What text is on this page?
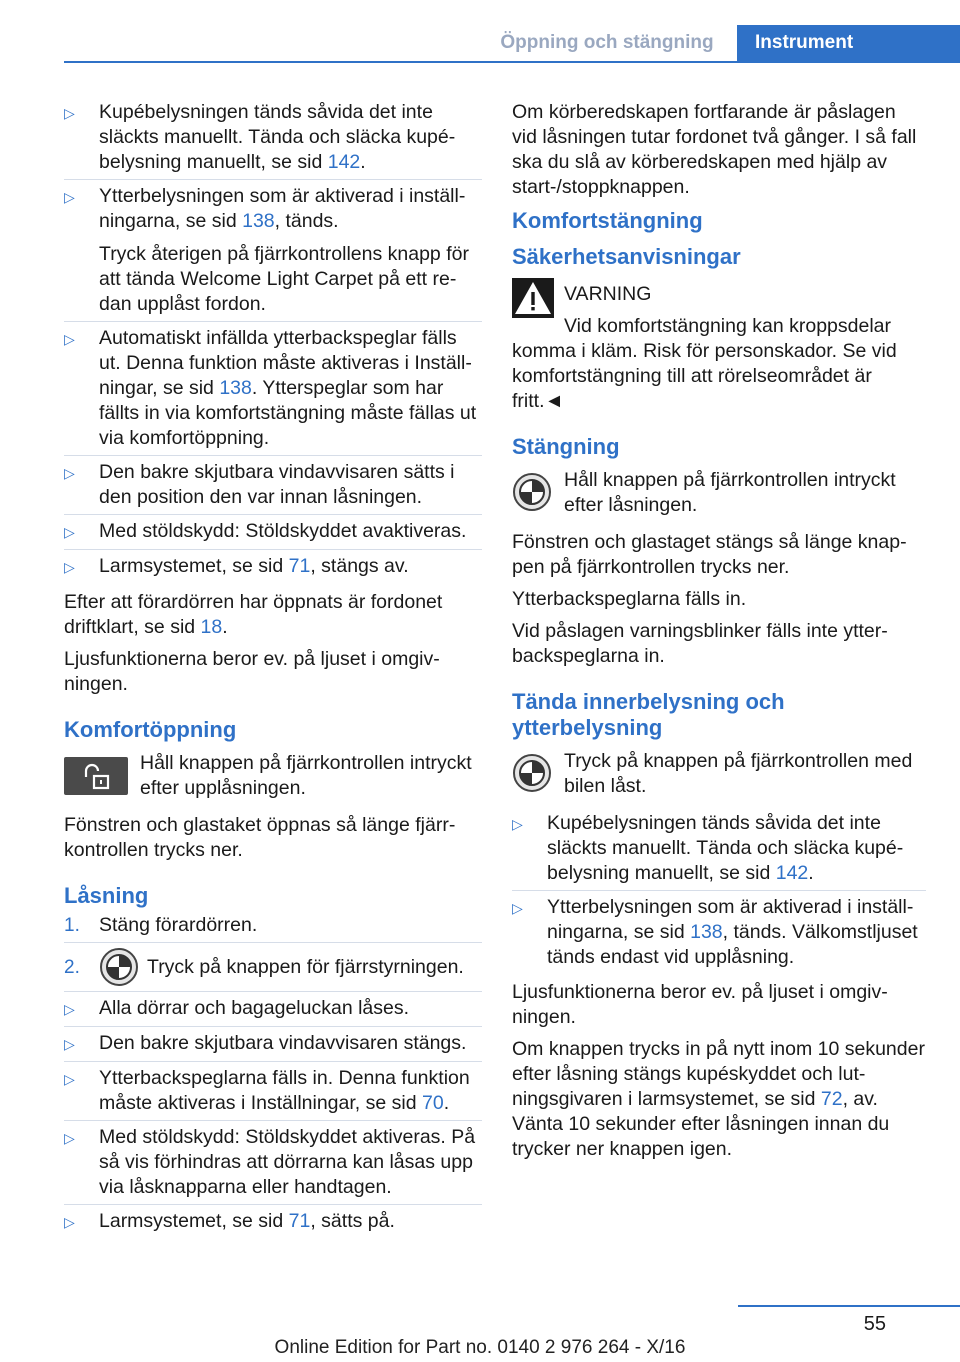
Öppning och stängning	Instrument
▷	Kupébelysningen tänds såvida det inte släckts manuellt. Tända och släcka kupébelysning manuellt, se sid 142.
▷	Ytterbelysningen som är aktiverad i inställningarna, se sid 138, tänds.
Tryck återigen på fjärrkontrollens knapp för att tända Welcome Light Carpet på ett redan upplåst fordon.
▷	Automatiskt infällda ytterbackspeglar fälls ut. Denna funktion måste aktiveras i Inställningar, se sid 138. Ytterspeglar som har fällts in via komfortstängning måste fällas ut via komfortöppning.
▷	Den bakre skjutbara vindavvisaren sätts i den position den var innan låsningen.
▷	Med stöldskydd: Stöldskyddet avaktiveras.
▷	Larmsystemet, se sid 71, stängs av.

Efter att förardörren har öppnats är fordonet driftklart, se sid 18.

Ljusfunktionerna beror ev. på ljuset i omgivningen.

Komfortöppning
Håll knappen på fjärrkontrollen intryckt efter upplåsningen.

Fönstren och glastaket öppnas så länge fjärrkontrollen trycks ner.

Låsning
1. Stäng förardörren.
2.	Tryck på knappen för fjärrstyrningen.
▷	Alla dörrar och bagageluckan låses.
▷	Den bakre skjutbara vindavvisaren stängs.
▷	Ytterbackspeglarna fälls in. Denna funktion måste aktiveras i Inställningar, se sid 70.
▷	Med stöldskydd: Stöldskyddet aktiveras. På så vis förhindras att dörrarna kan låsas upp via låsknapparna eller handtagen.
▷	Larmsystemet, se sid 71, sätts på.

Om körberedskapen fortfarande är påslagen vid låsningen tutar fordonet två gånger. I så fall ska du slå av körberedskapen med hjälp av start-/stoppknappen.

Komfortstängning
Säkerhetsanvisningar
VARNING
Vid komfortstängning kan kroppsdelar

komma i kläm. Risk för personskador. Se vid komfortstängning till att rörelseområdet är fritt.◄

Stängning
Håll knappen på fjärrkontrollen intryckt efter låsningen.

Fönstren och glastaget stängs så länge knappen på fjärrkontrollen trycks ner.

Ytterbackspeglarna fälls in.

Vid påslagen varningsblinker fälls inte ytterbackspeglarna in.

Tända innerbelysning och ytterbelysning
Tryck på knappen på fjärrkontrollen med bilen låst.
▷	Kupébelysningen tänds såvida det inte släckts manuellt. Tända och släcka kupébelysning manuellt, se sid 142.
▷	Ytterbelysningen som är aktiverad i inställningarna, se sid 138, tänds. Välkomstljuset tänds endast vid upplåsning.

Ljusfunktionerna beror ev. på ljuset i omgivningen.

Om knappen trycks in på nytt inom 10 sekunder efter låsning stängs kupéskyddet och lutningsgivaren i larmsystemet, se sid 72, av. Vänta 10 sekunder efter låsningen innan du trycker ner knappen igen.

55
Online Edition for Part no. 0140 2 976 264 - X/16
